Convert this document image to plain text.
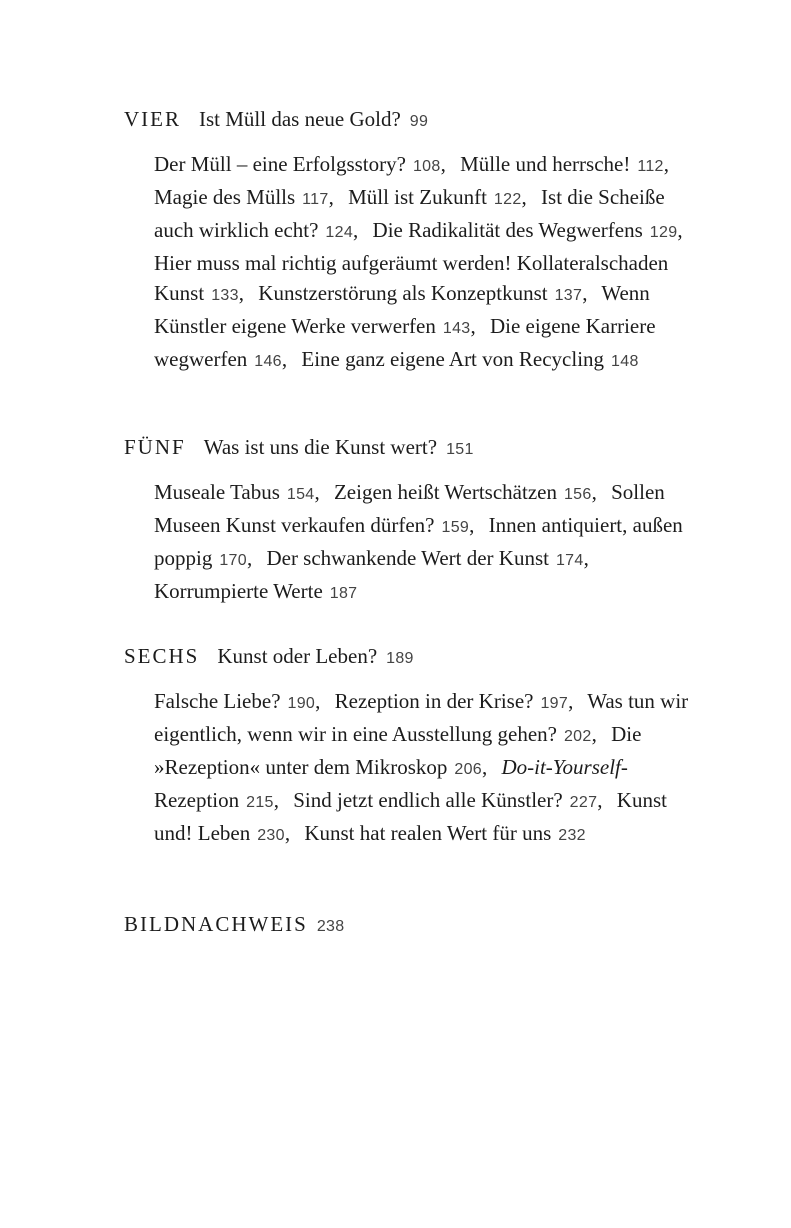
VIER Ist Müll das neue Gold? 99

Der Müll – eine Erfolgsstory? 108, Mülle und herrsche! 112, Magie des Mülls 117, Müll ist Zukunft 122, Ist die Scheiße auch wirklich echt? 124, Die Radikalität des Wegwerfens 129, Hier muss mal richtig aufgeräumt werden! Kollateralschaden Kunst 133, Kunstzerstörung als Konzeptkunst 137, Wenn Künstler eigene Werke verwerfen 143, Die eigene Karriere wegwerfen 146, Eine ganz eigene Art von Recycling 148

FÜNF Was ist uns die Kunst wert? 151

Museale Tabus 154, Zeigen heißt Wertschätzen 156, Sollen Museen Kunst verkaufen dürfen? 159, Innen antiquiert, außen poppig 170, Der schwankende Wert der Kunst 174, Korrumpierte Werte 187

SECHS Kunst oder Leben? 189

Falsche Liebe? 190, Rezeption in der Krise? 197, Was tun wir eigentlich, wenn wir in eine Ausstellung gehen? 202, Die »Rezeption« unter dem Mikroskop 206, Do-it-Yourself-Rezeption 215, Sind jetzt endlich alle Künstler? 227, Kunst und! Leben 230, Kunst hat realen Wert für uns 232

BILDNACHWEIS 238
